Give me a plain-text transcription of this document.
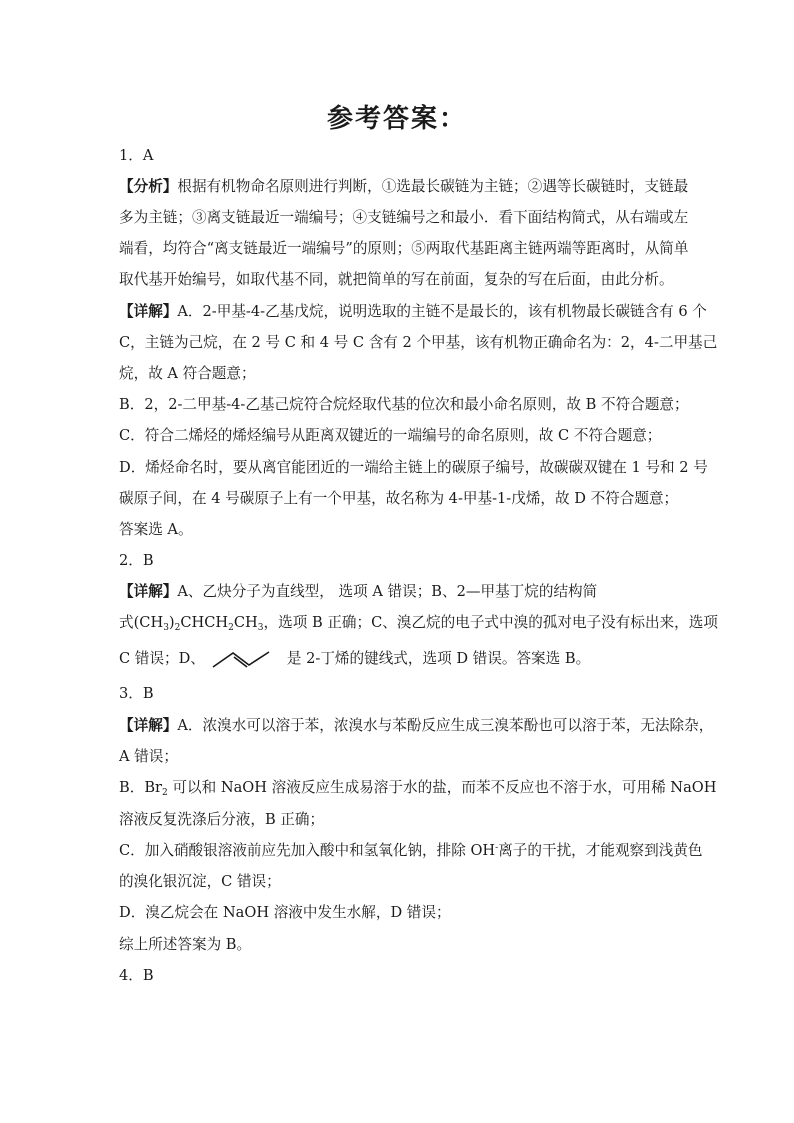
参考答案：
1．A
【分析】根据有机物命名原则进行判断，①选最长碳链为主链；②遇等长碳链时，支链最
多为主链；③离支链最近一端编号；④支链编号之和最小．看下面结构简式，从右端或左
端看，均符合“离支链最近一端编号”的原则；⑤两取代基距离主链两端等距离时，从简单
取代基开始编号，如取代基不同，就把简单的写在前面，复杂的写在后面，由此分析。
【详解】A．2-甲基-4-乙基戊烷，说明选取的主链不是最长的，该有机物最长碳链含有 6 个
C，主链为己烷，在 2 号 C 和 4 号 C 含有 2 个甲基，该有机物正确命名为：2，4-二甲基己
烷，故 A 符合题意；
B．2，2-二甲基-4-乙基己烷符合烷烃取代基的位次和最小命名原则，故 B 不符合题意；
C．符合二烯烃的烯烃编号从距离双键近的一端编号的命名原则，故 C 不符合题意；
D．烯烃命名时，要从离官能团近的一端给主链上的碳原子编号，故碳碳双键在 1 号和 2 号
碳原子间，在 4 号碳原子上有一个甲基，故名称为 4-甲基-1-戊烯，故 D 不符合题意；
答案选 A。
2．B
【详解】A、乙炔分子为直线型， 选项 A 错误；B、2—甲基丁烷的结构简
式$(CH_3)_2CHCH_2CH_3$，选项 B 正确；C、溴乙烷的电子式中溴的孤对电子没有标出来，选项
C 错误；D、	是 2-丁烯的键线式，选项 D 错误。答案选 B。
3．B
【详解】A．浓溴水可以溶于苯，浓溴水与苯酚反应生成三溴苯酚也可以溶于苯，无法除杂，
A 错误；
B．$Br_2$ 可以和 NaOH 溶液反应生成易溶于水的盐，而苯不反应也不溶于水，可用稀 NaOH
溶液反复洗涤后分液，B 正确；
C．加入硝酸银溶液前应先加入酸中和氢氧化钠，排除 OH-离子的干扰，才能观察到浅黄色
的溴化银沉淀，C 错误；
D．溴乙烷会在 NaOH 溶液中发生水解，D 错误；
综上所述答案为 B。
4．B
